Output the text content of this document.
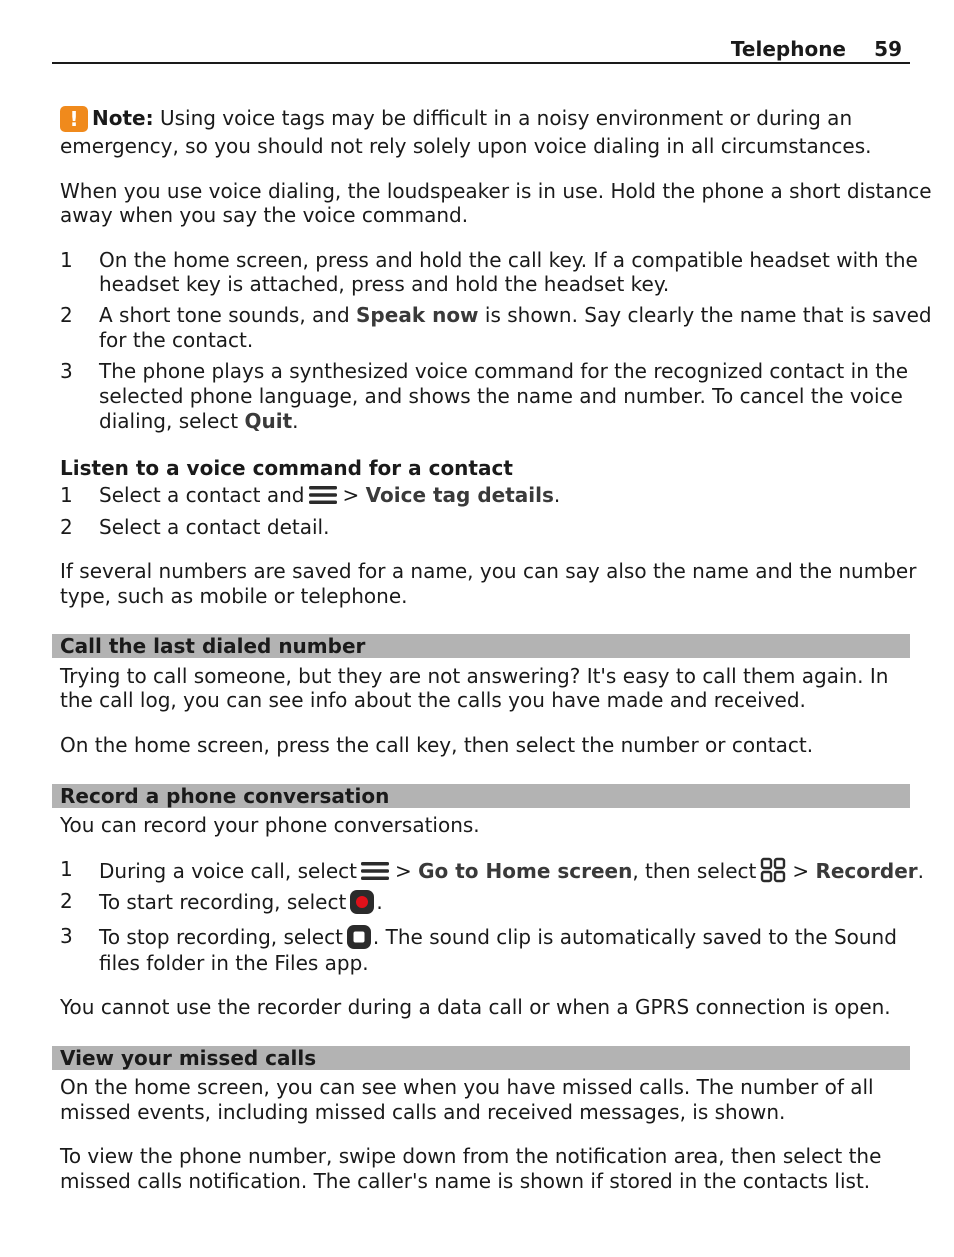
Telephone 59

! Note: Using voice tags may be difficult in a noisy environment or during an

emergency, so you should not rely solely upon voice dialing in all circumstances.

When you use voice dialing, the loudspeaker is in use. Hold the phone a short distance

away when you say the voice command.

1 On the home screen, press and hold the call key. If a compatible headset with the
headset key is attached, press and hold the headset key.
2 A short tone sounds, and Speak now is shown. Say clearly the name that is saved
for the contact.
3 The phone plays a synthesized voice command for the recognized contact in the
selected phone language, and shows the name and number. To cancel the voice
dialing, select Quit.
Listen to a voice command for a contact
1 Select a contact and > Voice tag details.
2 Select a contact detail.

If several numbers are saved for a name, you can say also the name and the number

type, such as mobile or telephone.

Call the last dialed number

Trying to call someone, but they are not answering? It's easy to call them again. In

the call log, you can see info about the calls you have made and received.

On the home screen, press the call key, then select the number or contact.

Record a phone conversation

You can record your phone conversations.

1 During a voice call, select > Go to Home screen, then select > Recorder.
2 To start recording, select .
3 To stop recording, select . The sound clip is automatically saved to the Sound
files folder in the Files app.

You cannot use the recorder during a data call or when a GPRS connection is open.

View your missed calls

On the home screen, you can see when you have missed calls. The number of all

missed events, including missed calls and received messages, is shown.

To view the phone number, swipe down from the notification area, then select the

missed calls notification. The caller's name is shown if stored in the contacts list.
